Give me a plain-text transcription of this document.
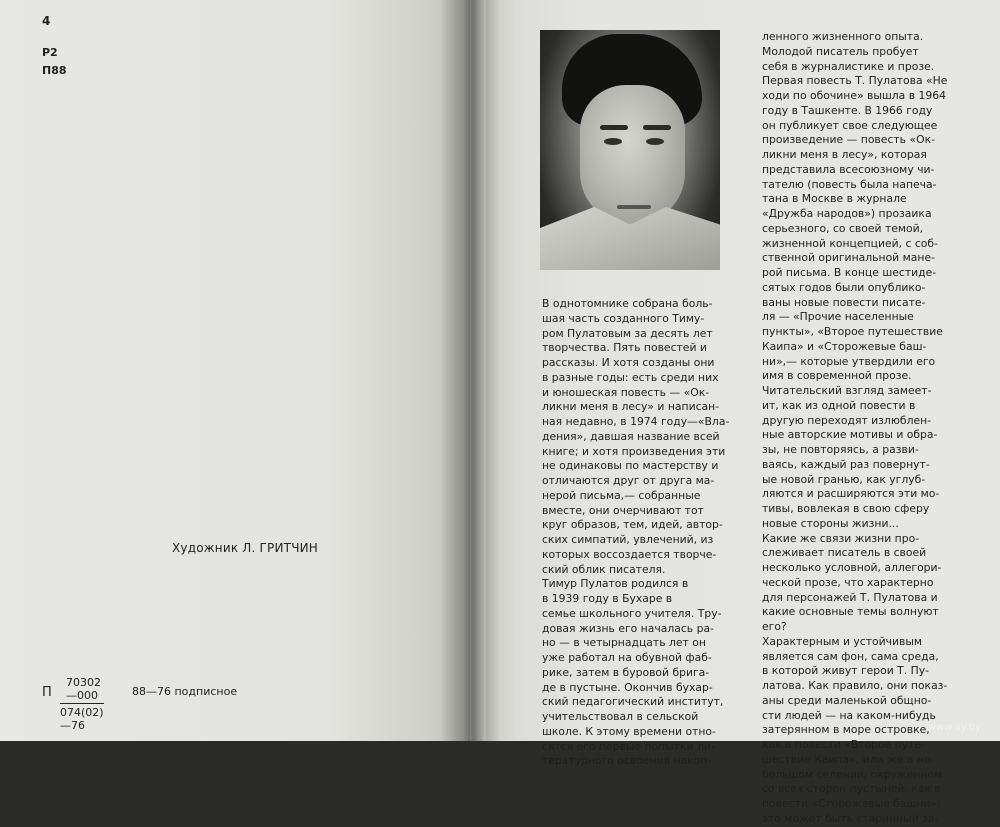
4
Р2
П88
Художник Л. ГРИТЧИН
П $\frac{70302—000}{074(02)—76}$	88—76 подписное
В однотомнике собрана боль-
шая часть созданного Тиму-
ром Пулатовым за десять лет
творчества. Пять повестей и
рассказы. И хотя созданы они
в разные годы: есть среди них
и юношеская повесть — «Ок-
ликни меня в лесу» и написан-
ная недавно, в 1974 году—«Вла-
дения», давшая название всей
книге; и хотя произведения эти
не одинаковы по мастерству и
отличаются друг от друга ма-
нерой письма,— собранные
вместе, они очерчивают тот
круг образов, тем, идей, автор-
ских симпатий, увлечений, из
которых воссоздается творче-
ский облик писателя.
Тимур Пулатов родился в
в 1939 году в Бухаре в
семье школьного учителя. Тру-
довая жизнь его началась ра-
но — в четырнадцать лет он
уже работал на обувной фаб-
рике, затем в буровой брига-
де в пустыне. Окончив бухар-
ский педагогический институт,
учительствовал в сельской
школе. К этому времени отно-
сятся его первые попытки ли-
тературного освоения накоп-
ленного жизненного опыта.
Молодой писатель пробует
себя в журналистике и прозе.
Первая повесть Т. Пулатова «Не
ходи по обочине» вышла в 1964
году в Ташкенте. В 1966 году
он публикует свое следующее
произведение — повесть «Ок-
ликни меня в лесу», которая
представила всесоюзному чи-
тателю (повесть была напеча-
тана в Москве в журнале
«Дружба народов») прозаика
серьезного, со своей темой,
жизненной концепцией, с соб-
ственной оригинальной мане-
рой письма. В конце шестиде-
сятых годов были опублико-
ваны новые повести писате-
ля — «Прочие населенные
пункты», «Второе путешествие
Каипа» и «Сторожевые баш-
ни»,— которые утвердили его
имя в современной прозе.
Читательский взгляд замеет-
ит, как из одной повести в
другую переходят излюблен-
ные авторские мотивы и обра-
зы, не повторяясь, а разви-
ваясь, каждый раз повернут-
ые новой гранью, как углуб-
ляются и расширяются эти мо-
тивы, вовлекая в свою сферу
новые стороны жизни...
Какие же связи жизни про-
слеживает писатель в своей
несколько условной, аллегори-
ческой прозе, что характерно
для персонажей Т. Пулатова и
какие основные темы волнуют
его?
Характерным и устойчивым
является сам фон, сама среда,
в которой живут герои Т. Пу-
латова. Как правило, они показ-
аны среди маленькой общно-
сти людей — на каком-нибудь
затерянном в море островке,
как в повести «Второе путе-
шествие Каипа», или же в не-
большом селении, окруженном
со всех сторон пустыней, как в
повести «Сторожевые башни»;
это может быть старинный за-
www.ay.by
